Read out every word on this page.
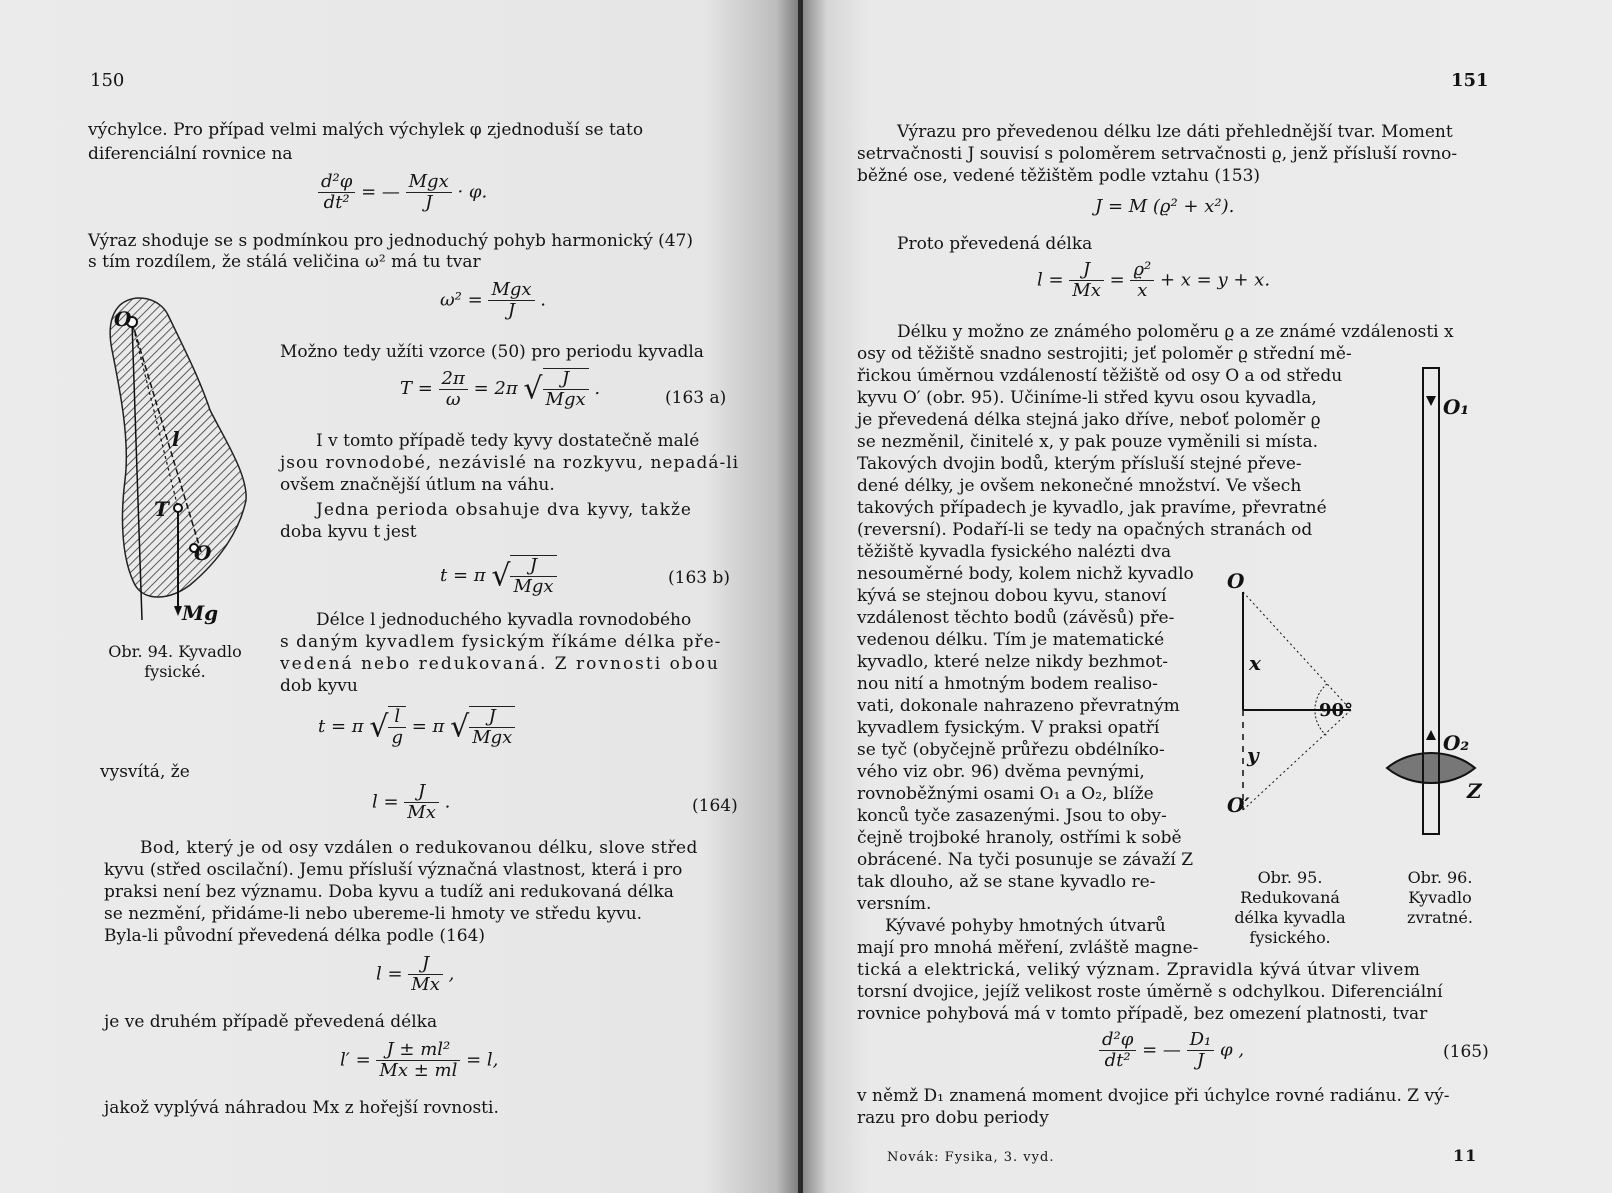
150
výchylce. Pro případ velmi malých výchylek φ zjednoduší se tato
diferenciální rovnice na
$\frac{\text{d²φ}}{\text{dt²}}$ = — $\frac{\text{Mgx}}{J} \cdot \varphi$.
Výraz shoduje se s podmínkou pro jednoduchý pohyb harmonický (47)
s tím rozdílem, že stálá veličina ω² má tu tvar
$\omega^2 = \frac{\text{Mgx}}{J}$ .
O
l
T
O
Mg
Obr. 94. Kyvadlo
fysické.
Možno tedy užíti vzorce (50) pro periodu kyvadla
$T = \frac{2\pi}{\omega} = 2\pi$ √ $\frac{J}{\text{Mgx}}$ .	(163 a)
I v tomto případě tedy kyvy dostatečně malé
jsou rovnodobé, nezávislé na rozkyvu, nepadá-li
ovšem značnější útlum na váhu.
Jedna perioda obsahuje dva kyvy, takže
doba kyvu t jest
t = π √ $\frac{J}{\text{Mgx}}$	(163 b)
Délce l jednoduchého kyvadla rovnodobého
s daným kyvadlem fysickým říkáme délka pře-
vedená nebo redukovaná. Z rovnosti obou
dob kyvu
t = π √ $\frac{l}{g} = \pi$ √ $\frac{J}{\text{Mgx}}$
vysvítá, že
$l = \frac{J}{Mx}$ .	(164)
Bod, který je od osy vzdálen o redukovanou délku, slove střed
kyvu (střed oscilační). Jemu přísluší význačná vlastnost, která i pro
praksi není bez významu. Doba kyvu a tudíž ani redukovaná délka
se nezmění, přidáme-li nebo ubereme-li hmoty ve středu kyvu.
Byla-li původní převedená délka podle (164)
$l = \frac{J}{Mx}$ ,
je ve druhém případě převedená délka
$l' = \frac{\text{J ± ml²}}{Mx \pm ml} = l$,
jakož vyplývá náhradou Mx z hořejší rovnosti.
151
Výrazu pro převedenou délku lze dáti přehlednější tvar. Moment
setrvačnosti J souvisí s poloměrem setrvačnosti ϱ, jenž přísluší rovno-
běžné ose, vedené těžištěm podle vztahu (153)
J = M (ϱ² + x²).
Proto převedená délka
$l = \frac{J}{Mx} = \frac{\text{ϱ²}}{x} + x = y + x$.
Délku y možno ze známého poloměru ϱ a ze známé vzdálenosti x
osy od těžiště snadno sestrojiti; jeť poloměr ϱ střední mě-
řickou úměrnou vzdáleností těžiště od osy O a od středu
kyvu O′ (obr. 95). Učiníme-li střed kyvu osou kyvadla,
je převedená délka stejná jako dříve, neboť poloměr ϱ
se nezměnil, činitelé x, y pak pouze vyměnili si místa.
Takových dvojin bodů, kterým přísluší stejné převe-
dené délky, je ovšem nekonečné množství. Ve všech
takových případech je kyvadlo, jak pravíme, převratné
(reversní). Podaří-li se tedy na opačných stranách od
těžiště kyvadla fysického nalézti dva
nesouměrné body, kolem nichž kyvadlo
kývá se stejnou dobou kyvu, stanoví
vzdálenost těchto bodů (závěsů) pře-
vedenou délku. Tím je matematické
kyvadlo, které nelze nikdy bezhmot-
nou nití a hmotným bodem realiso-
vati, dokonale nahrazeno převratným
kyvadlem fysickým. V praksi opatří
se tyč (obyčejně průřezu obdélníko-
vého viz obr. 96) dvěma pevnými,
rovnoběžnými osami O₁ a O₂, blíže
konců tyče zasazenými. Jsou to oby-
čejně trojboké hranoly, ostřími k sobě
obrácené. Na tyči posunuje se závaží Z
tak dlouho, až se stane kyvadlo re-
versním.
Kývavé pohyby hmotných útvarů
mají pro mnohá měření, zvláště magne-
O
x
90°
y
O′
Obr. 95.
Redukovaná
délka kyvadla
fysického.
O₁
O₂
Z
Obr. 96.
Kyvadlo
zvratné.
tická a elektrická, veliký význam. Zpravidla kývá útvar vlivem
torsní dvojice, jejíž velikost roste úměrně s odchylkou. Diferenciální
rovnice pohybová má v tomto případě, bez omezení platnosti, tvar
$\frac{\text{d²φ}}{\text{dt²}}$ = — $\frac{\text{D₁}}{J}$ φ ,	(165)
v němž D₁ znamená moment dvojice při úchylce rovné radiánu. Z vý-
razu pro dobu periody
Novák: Fysika, 3. vyd.	11
